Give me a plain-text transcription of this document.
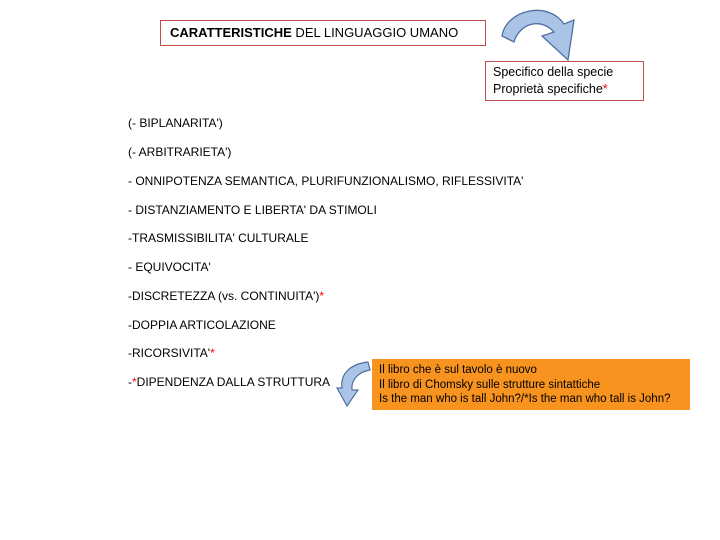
CARATTERISTICHE DEL LINGUAGGIO UMANO
Specifico della specie
Proprietà specifiche*
(- BIPLANARITA')
(- ARBITRARIETA')
- ONNIPOTENZA SEMANTICA, PLURIFUNZIONALISMO, RIFLESSIVITA'
- DISTANZIAMENTO E LIBERTA' DA STIMOLI
-TRASMISSIBILITA' CULTURALE
- EQUIVOCITA'
-DISCRETEZZA (vs. CONTINUITA')*
-DOPPIA ARTICOLAZIONE
-RICORSIVITA'*
-*DIPENDENZA DALLA STRUTTURA
Il libro che è sul tavolo è nuovo
Il libro di Chomsky sulle strutture sintattiche
Is the man who is tall John?/*Is the man who tall is John?
